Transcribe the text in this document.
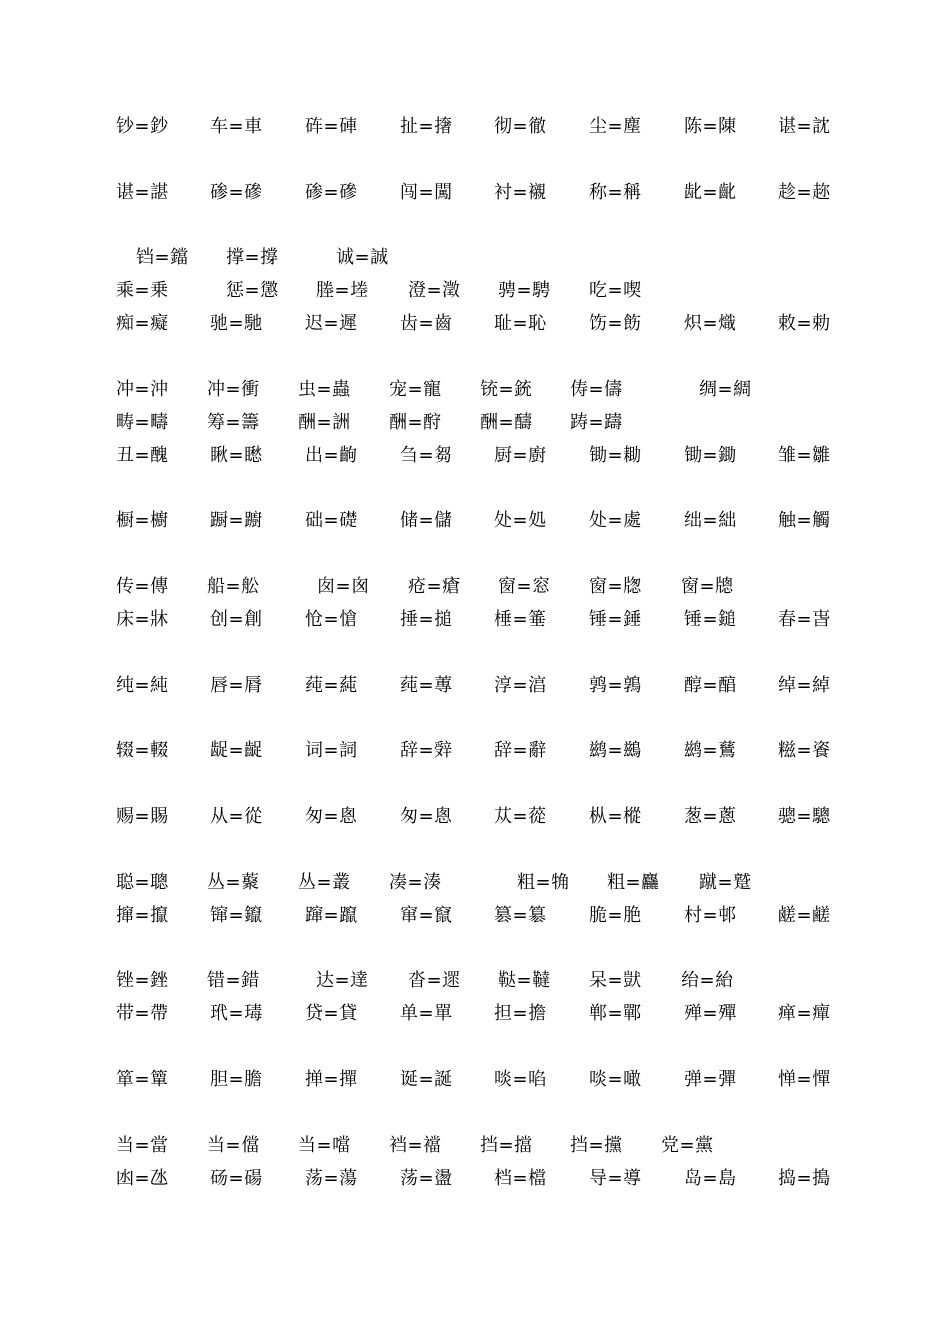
钞=鈔 车=車 砗=硨 扯=撦 彻=徹 尘=塵 陈=陳 谌=訦
谌=諶 碜=磣 碜=磣 闯=闖 衬=襯 称=稱 龀=齔 趁=趂
铛=鐺 撑=撐	诚=誠
乘=乗	惩=懲 塍=堘 澄=澂 骋=騁 吃=喫
痴=癡 驰=馳 迟=遲 齿=齒 耻=恥 饬=飭 炽=熾 敕=勅
冲=沖 冲=衝 虫=蟲 宠=寵 铳=銃 俦=儔	绸=綢
畴=疇 筹=籌 酬=詶 酬=酧 酬=醻 踌=躊
丑=醜 瞅=矁 出=齣 刍=芻 厨=廚 锄=耡 锄=鋤 雏=雛
橱=櫥 蹰=躕 础=礎 储=儲 处=処 处=處 绌=絀 触=觸
传=傳 船=舩	囱=囪 疮=瘡 窗=窓 窗=牎 窗=牕
床=牀 创=創 怆=愴 捶=搥 棰=箠 锤=錘 锤=鎚 春=旾
纯=純 唇=脣 莼=蒓 莼=蓴 淳=湻 鹑=鶉 醇=醕 绰=綽
辍=輟 龊=齪 词=詞 辞=辤 辞=辭 鹚=鷀 鹚=鶿 糍=餈
赐=賜 从=從 匆=悤 匆=悤 苁=蓯 枞=樅 葱=蔥 骢=驄
聪=聰 丛=藂 丛=叢 凑=湊	粗=觕 粗=麤 蹴=蹵
撺=攛 镩=鑹 蹿=躥 窜=竄 篡=簒 脆=脃 村=邨 鹾=鹺
锉=銼 错=錯	达=達 沓=遝 鞑=韃 呆=獃 绐=紿
带=帶 玳=瑇 贷=貸 单=單 担=擔 郸=鄲 殚=殫 瘅=癉
箪=簞 胆=膽 掸=撣 诞=誕 啖=啗 啖=噉 弹=彈 惮=憚
当=當 当=儅 当=噹 裆=襠 挡=擋 挡=攩 党=黨
凼=氹 砀=碭 荡=蕩 荡=盪 档=檔 导=導 岛=島 捣=搗
